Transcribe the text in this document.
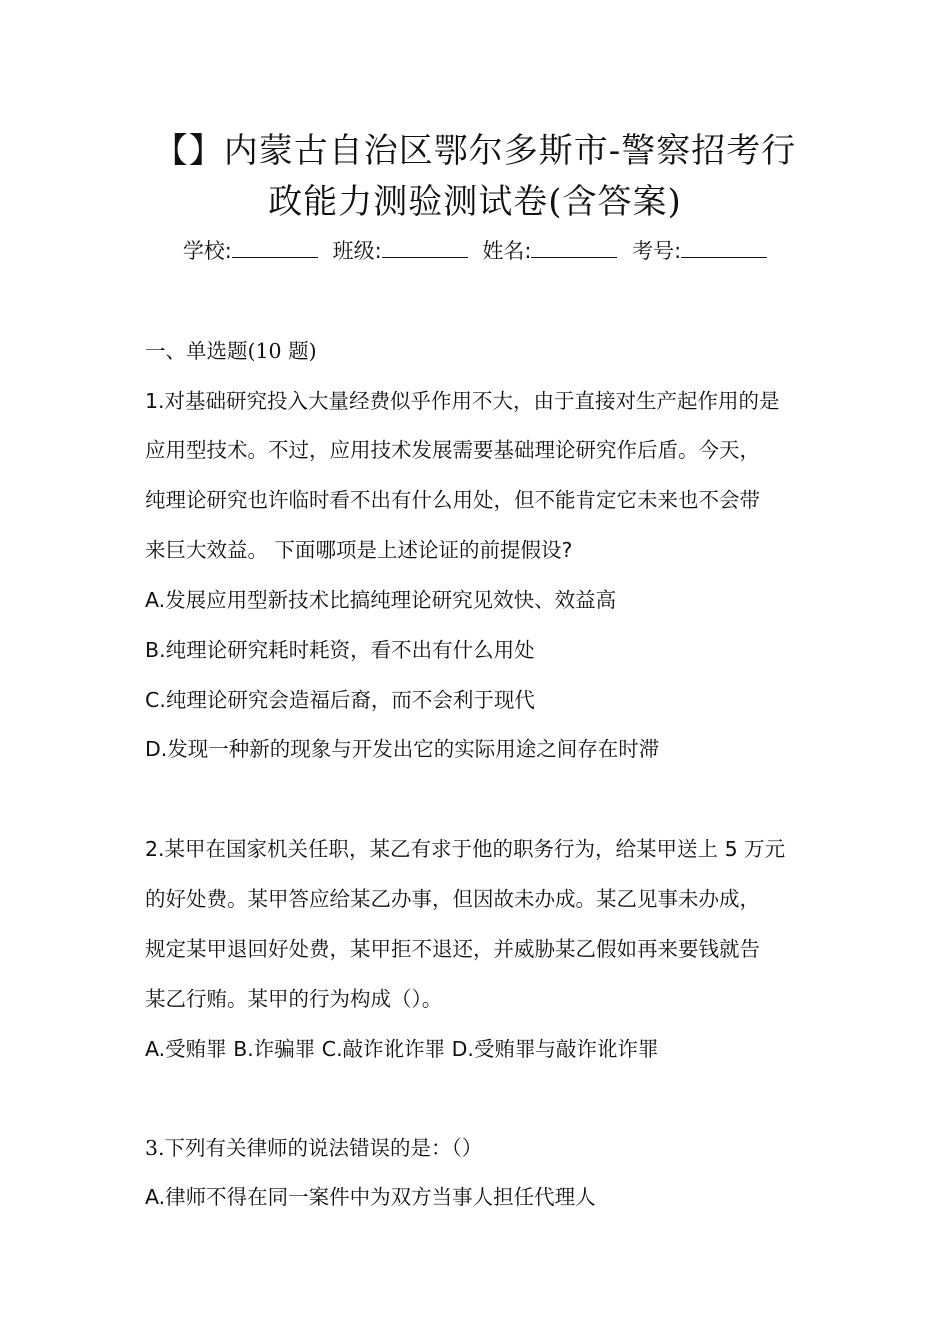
【】内蒙古自治区鄂尔多斯市-警察招考行
政能力测验测试卷(含答案)
学校:	班级:	姓名:	考号:
一、单选题(10 题)
1.对基础研究投入大量经费似乎作用不大，由于直接对生产起作用的是
应用型技术。不过，应用技术发展需要基础理论研究作后盾。今天，
纯理论研究也许临时看不出有什么用处，但不能肯定它未来也不会带
来巨大效益。 下面哪项是上述论证的前提假设?
A.发展应用型新技术比搞纯理论研究见效快、效益高
B.纯理论研究耗时耗资，看不出有什么用处
C.纯理论研究会造福后裔，而不会利于现代
D.发现一种新的现象与开发出它的实际用途之间存在时滞
2.某甲在国家机关任职，某乙有求于他的职务行为，给某甲送上 5 万元
的好处费。某甲答应给某乙办事，但因故未办成。某乙见事未办成，
规定某甲退回好处费，某甲拒不退还，并威胁某乙假如再来要钱就告
某乙行贿。某甲的行为构成（）。
A.受贿罪 B.诈骗罪 C.敲诈讹诈罪 D.受贿罪与敲诈讹诈罪
3.下列有关律师的说法错误的是：（）
A.律师不得在同一案件中为双方当事人担任代理人
